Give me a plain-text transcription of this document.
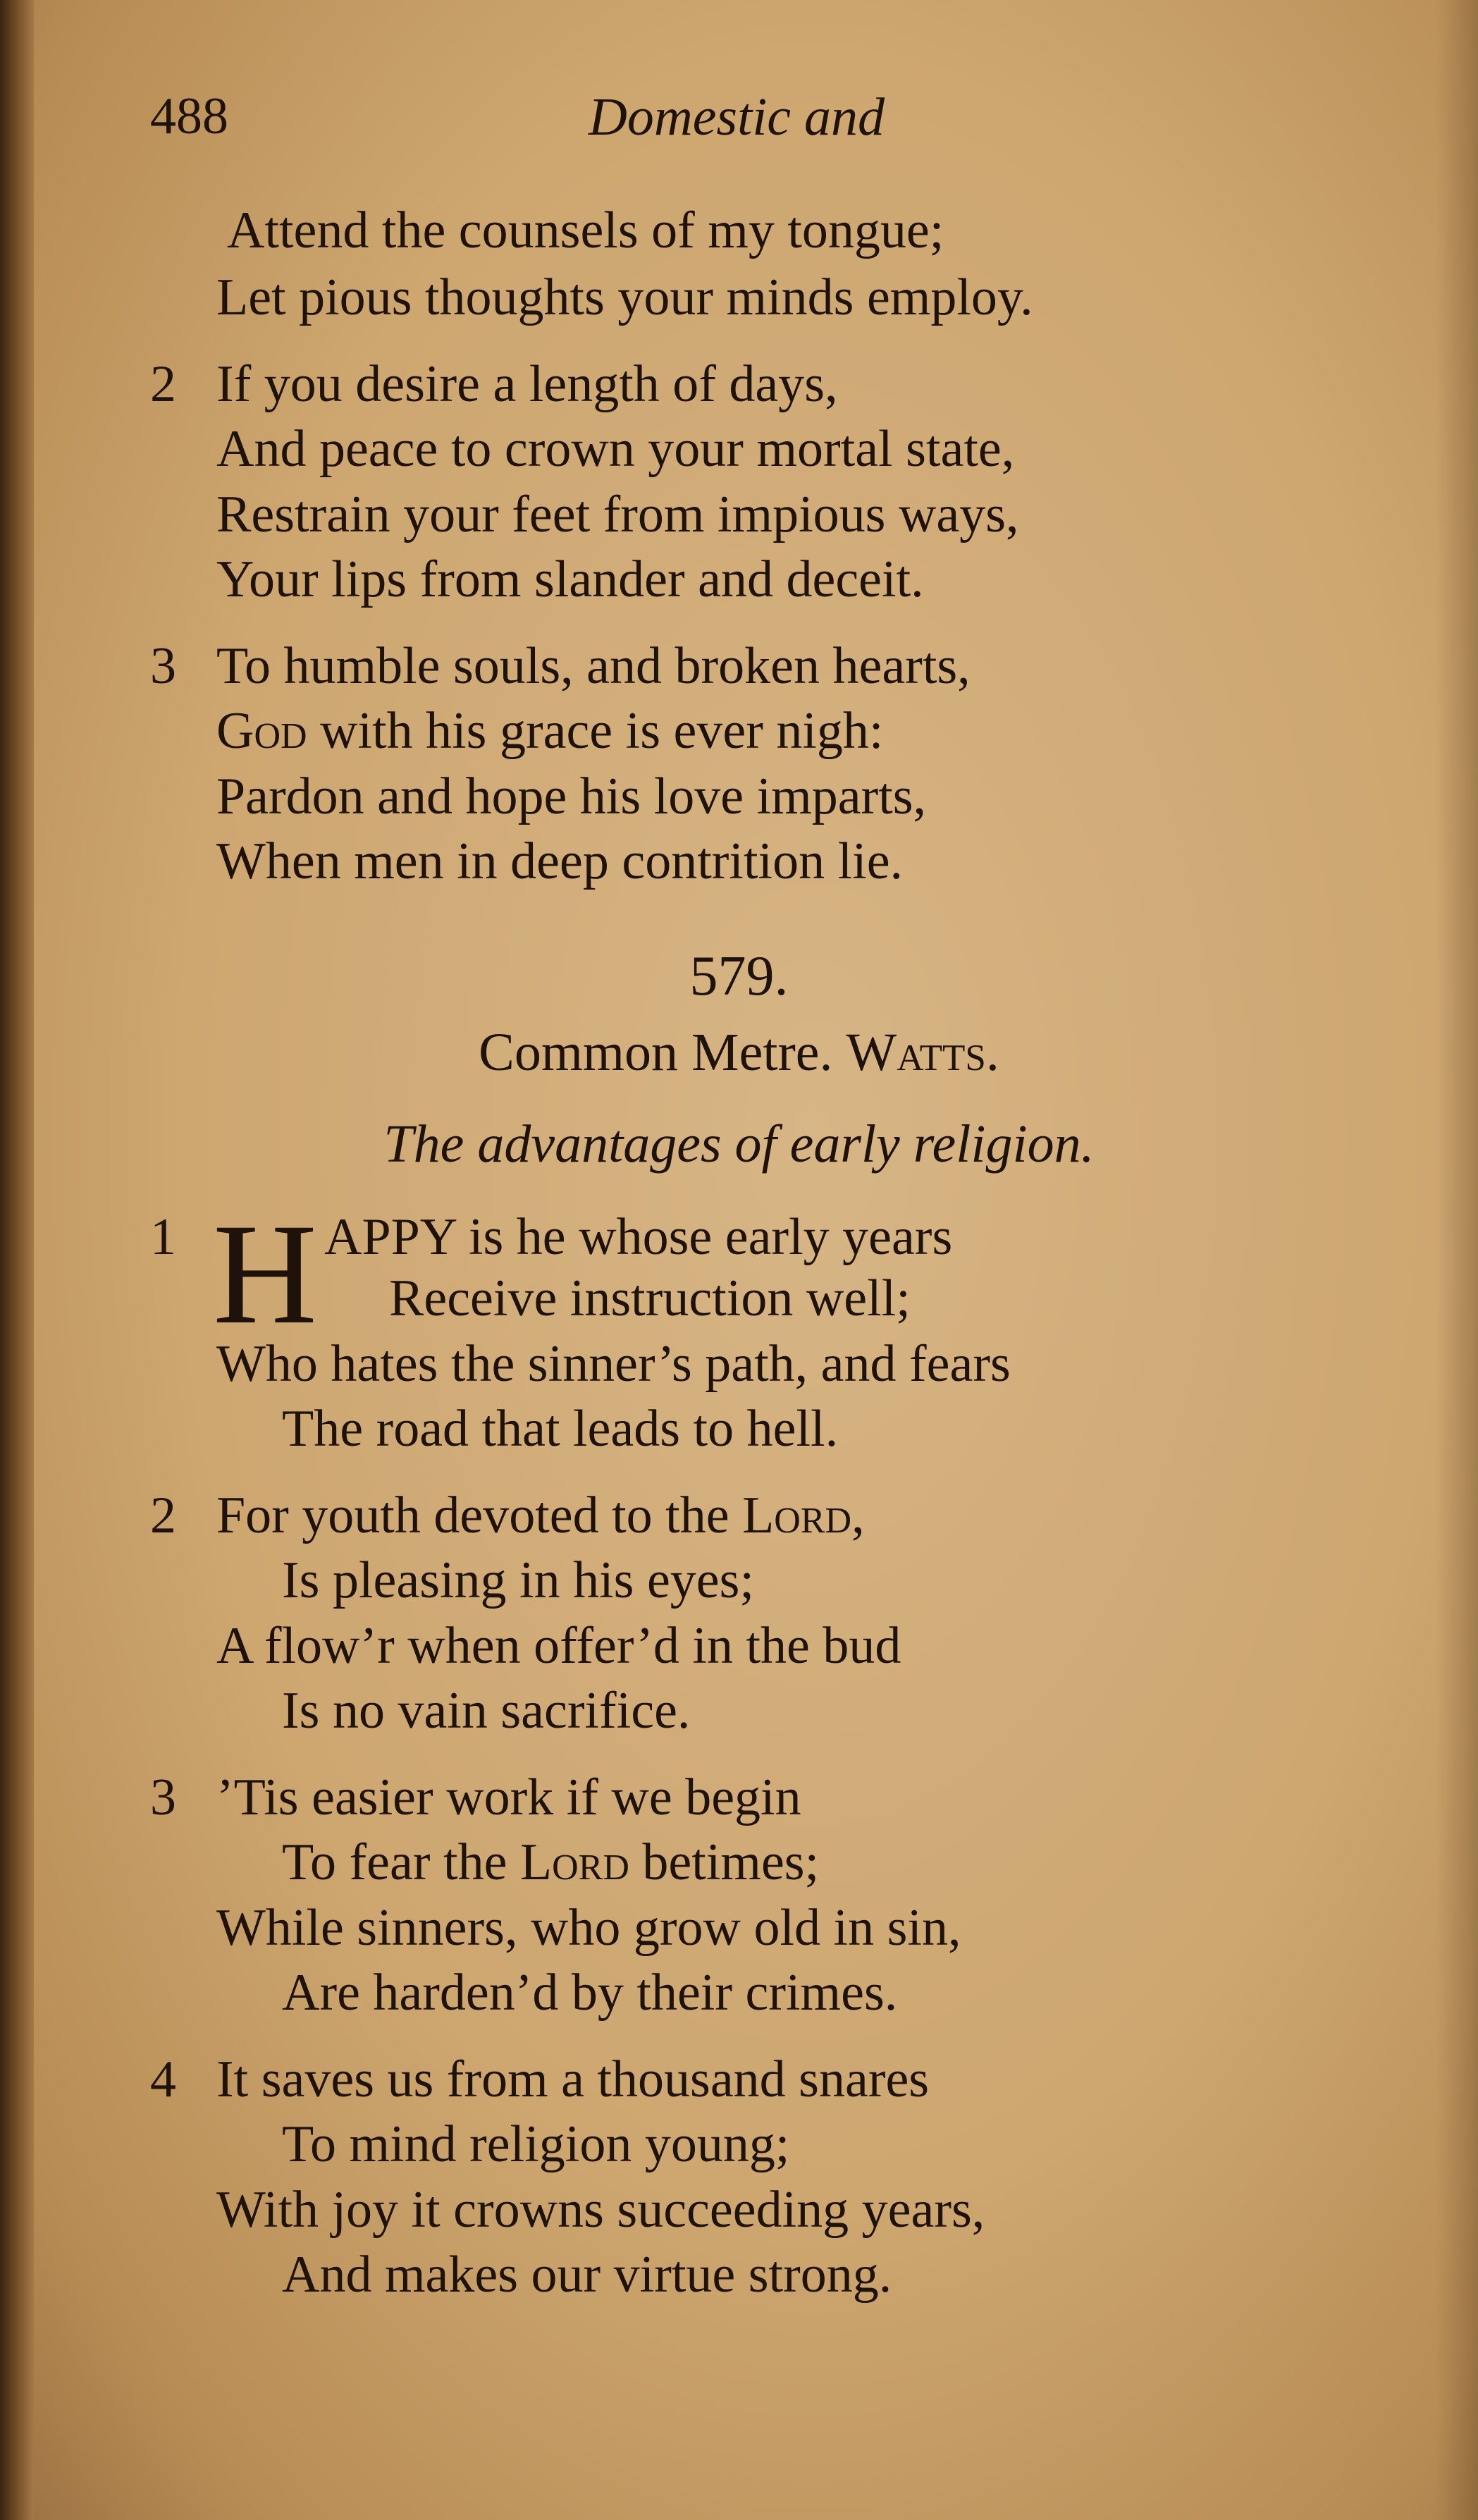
488	Domestic and
Attend the counsels of my tongue;
Let pious thoughts your minds employ.
2 If you desire a length of days,
And peace to crown your mortal state,
Restrain your feet from impious ways,
Your lips from slander and deceit.
3 To humble souls, and broken hearts,
God with his grace is ever nigh:
Pardon and hope his love imparts,
When men in deep contrition lie.
579.
Common Metre. Watts.
The advantages of early religion.
1 H APPY is he whose early years
Receive instruction well;
Who hates the sinner’s path, and fears
The road that leads to hell.
2 For youth devoted to the Lord,
Is pleasing in his eyes;
A flow’r when offer’d in the bud
Is no vain sacrifice.
3 ’Tis easier work if we begin
To fear the Lord betimes;
While sinners, who grow old in sin,
Are harden’d by their crimes.
4 It saves us from a thousand snares
To mind religion young;
With joy it crowns succeeding years,
And makes our virtue strong.
